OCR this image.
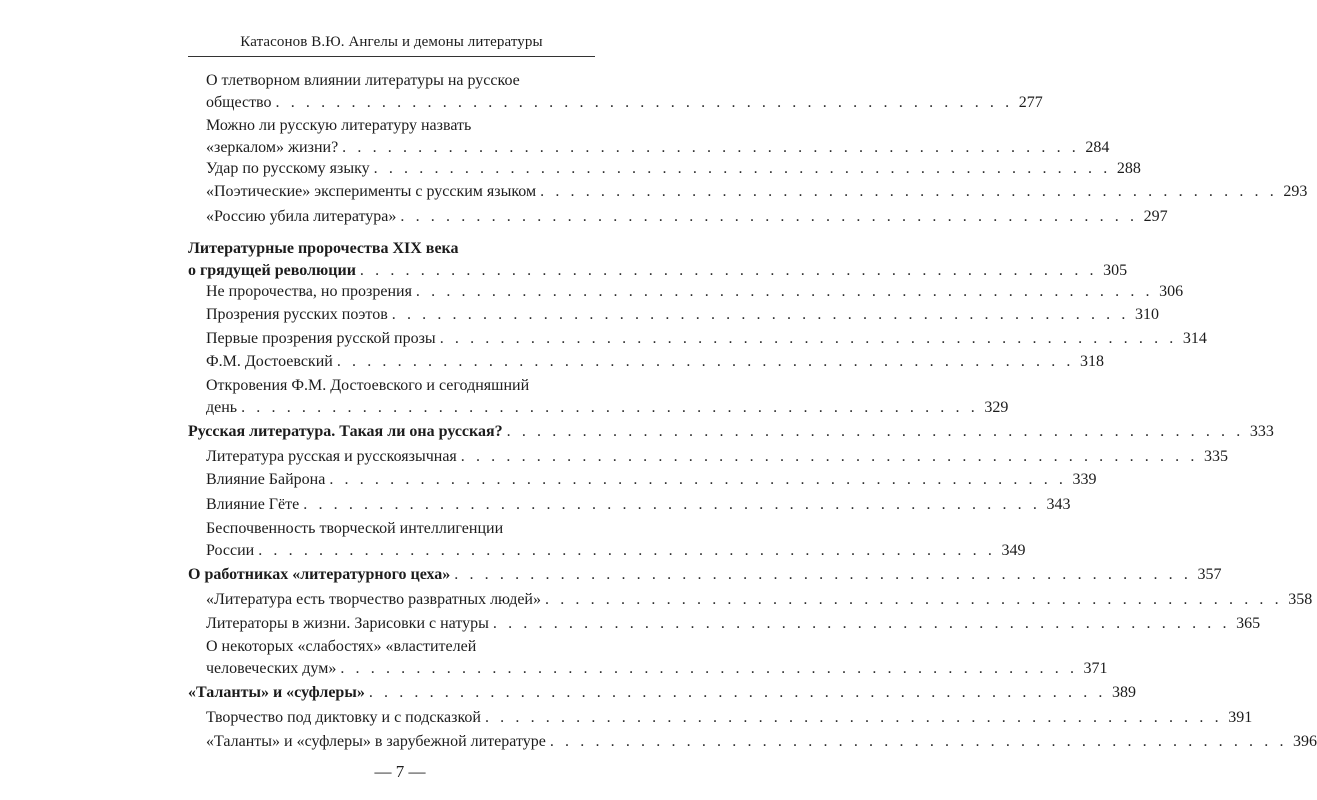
Катасонов В.Ю. Ангелы и демоны литературы
О тлетворном влиянии литературы на русское
общество . . . . . . . . . . . . . . . . . . . . . . . . . . . . . . . . . . . . . . . . . . . . . . . . . 277
Можно ли русскую литературу назвать
«зеркалом» жизни? . . . . . . . . . . . . . . . . . . . . . . . . . . . . . . . . . . . . . . . . . . . . . . . . . 284
Удар по русскому языку . . . . . . . . . . . . . . . . . . . . . . . . . . . . . . . . . . . . . . . . . . . . . . . . . 288
«Поэтические» эксперименты с русским языком . . . . . . . . . . . . . . . . . . . . . . . . . . . . . . . . . . . . . . . . . . . . . . . . . 293
«Россию убила литература» . . . . . . . . . . . . . . . . . . . . . . . . . . . . . . . . . . . . . . . . . . . . . . . . . 297
Литературные пророчества XIX века
о грядущей революции . . . . . . . . . . . . . . . . . . . . . . . . . . . . . . . . . . . . . . . . . . . . . . . . . 305
Не пророчества, но прозрения . . . . . . . . . . . . . . . . . . . . . . . . . . . . . . . . . . . . . . . . . . . . . . . . . 306
Прозрения русских поэтов . . . . . . . . . . . . . . . . . . . . . . . . . . . . . . . . . . . . . . . . . . . . . . . . . 310
Первые прозрения русской прозы . . . . . . . . . . . . . . . . . . . . . . . . . . . . . . . . . . . . . . . . . . . . . . . . . 314
Ф.М. Достоевский . . . . . . . . . . . . . . . . . . . . . . . . . . . . . . . . . . . . . . . . . . . . . . . . . 318
Откровения Ф.М. Достоевского и сегодняшний
день . . . . . . . . . . . . . . . . . . . . . . . . . . . . . . . . . . . . . . . . . . . . . . . . . 329
Русская литература. Такая ли она русская? . . . . . . . . . . . . . . . . . . . . . . . . . . . . . . . . . . . . . . . . . . . . . . . . . 333
Литература русская и русскоязычная . . . . . . . . . . . . . . . . . . . . . . . . . . . . . . . . . . . . . . . . . . . . . . . . . 335
Влияние Байрона . . . . . . . . . . . . . . . . . . . . . . . . . . . . . . . . . . . . . . . . . . . . . . . . . 339
Влияние Гёте . . . . . . . . . . . . . . . . . . . . . . . . . . . . . . . . . . . . . . . . . . . . . . . . . 343
Беспочвенность творческой интеллигенции
России . . . . . . . . . . . . . . . . . . . . . . . . . . . . . . . . . . . . . . . . . . . . . . . . . 349
О работниках «литературного цеха» . . . . . . . . . . . . . . . . . . . . . . . . . . . . . . . . . . . . . . . . . . . . . . . . . 357
«Литература есть творчество развратных людей» . . . . . . . . . . . . . . . . . . . . . . . . . . . . . . . . . . . . . . . . . . . . . . . . . 358
Литераторы в жизни. Зарисовки с натуры . . . . . . . . . . . . . . . . . . . . . . . . . . . . . . . . . . . . . . . . . . . . . . . . . 365
О некоторых «слабостях» «властителей
человеческих дум» . . . . . . . . . . . . . . . . . . . . . . . . . . . . . . . . . . . . . . . . . . . . . . . . . 371
«Таланты» и «суфлеры» . . . . . . . . . . . . . . . . . . . . . . . . . . . . . . . . . . . . . . . . . . . . . . . . . 389
Творчество под диктовку и с подсказкой . . . . . . . . . . . . . . . . . . . . . . . . . . . . . . . . . . . . . . . . . . . . . . . . . 391
«Таланты» и «суфлеры» в зарубежной литературе . . . . . . . . . . . . . . . . . . . . . . . . . . . . . . . . . . . . . . . . . . . . . . . . . 396
— 7 —
